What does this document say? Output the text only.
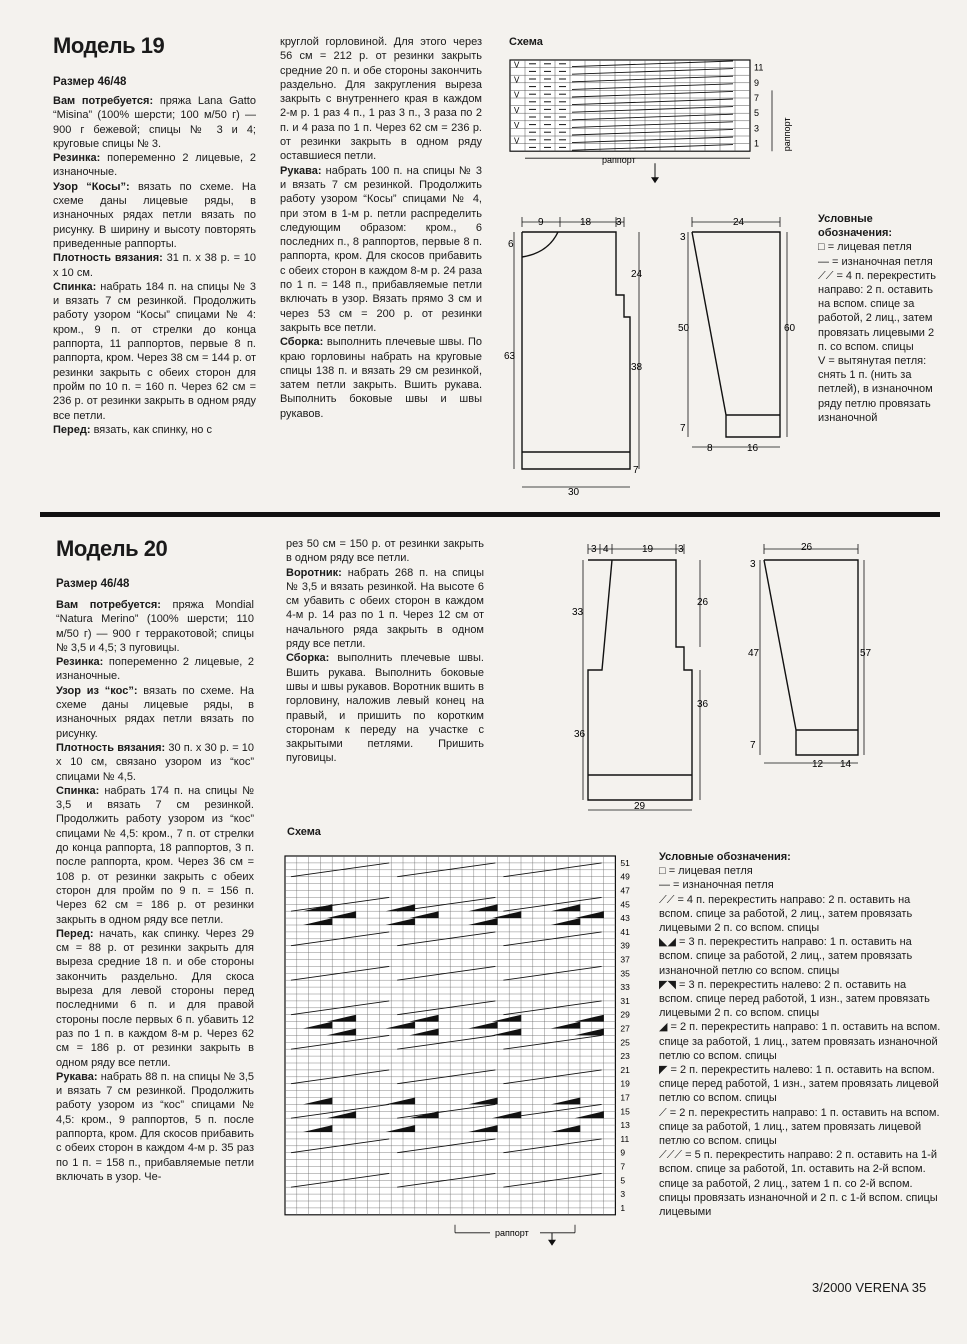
Модель 19
Размер 46/48

Вам потребуется: пряжа Lana Gatto “Misina” (100% шерсти; 100 м/50 г) — 900 г бежевой; спицы № 3 и 4; круговые спицы № 3.

Резинка: попеременно 2 лицевые, 2 изнаночные.

Узор “Косы”: вязать по схеме. На схеме даны лицевые ряды, в изнаночных рядах петли вязать по рисунку. В ширину и высоту повторять приведенные раппорты.

Плотность вязания: 31 п. х 38 р. = 10 х 10 см.

Спинка: набрать 184 п. на спицы № 3 и вязать 7 см резинкой. Продолжить работу узором “Косы” спицами № 4: кром., 9 п. от стрелки до конца раппорта, 11 раппортов, первые 8 п. раппорта, кром. Через 38 см = 144 р. от резинки закрыть с обеих сторон для пройм по 10 п. = 160 п. Через 62 см = 236 р. от резинки закрыть в одном ряду все петли.

Перед: вязать, как спинку, но с

круглой горловиной. Для этого через 56 см = 212 р. от резинки закрыть средние 20 п. и обе стороны закончить раздельно. Для закругления выреза закрыть с внутреннего края в каждом 2-м р. 1 раз 4 п., 1 раз 3 п., 3 раза по 2 п. и 4 раза по 1 п. Через 62 см = 236 р. от резинки закрыть в одном ряду оставшиеся петли.

Рукава: набрать 100 п. на спицы № 3 и вязать 7 см резинкой. Продолжить работу узором “Косы” спицами № 4, при этом в 1-м р. петли распределить следующим образом: кром., 6 последних п., 8 раппортов, первые 8 п. раппорта, кром. Для скосов прибавить с обеих сторон в каждом 8-м р. 24 раза по 1 п. = 148 п., прибавляемые петли включать в узор. Вязать прямо 3 см и через 53 см = 200 р. от резинки закрыть все петли.

Сборка: выполнить плечевые швы. По краю горловины набрать на круговые спицы 138 п. и вязать 29 см резинкой, затем петли закрыть. Вшить рукава. Выполнить боковые швы и швы рукавов.

Схема
V
V
V
V
V
V
11
9
7
5
3
1	раппорт
раппорт
9	18 3
6
24
63
38
7
30
24
3
50	60
7
8	16

Условные обозначения:

□ = лицевая петля

— = изнаночная петля

⟋⟋ = 4 п. перекрестить направо: 2 п. оставить на вспом. спице за работой, 2 лиц., затем провязать лицевыми 2 п. со вспом. спицы

V = вытянутая петля: снять 1 п. (нить за петлей), в изнаночном ряду петлю провязать изнаночной

Модель 20
Размер 46/48

Вам потребуется: пряжа Mondial “Natura Merino” (100% шерсти; 110 м/50 г) — 900 г терракотовой; спицы № 3,5 и 4,5; 3 пуговицы.

Резинка: попеременно 2 лицевые, 2 изнаночные.

Узор из “кос”: вязать по схеме. На схеме даны лицевые ряды, в изнаночных рядах петли вязать по рисунку.

Плотность вязания: 30 п. х 30 р. = 10 х 10 см, связано узором из “кос” спицами № 4,5.

Спинка: набрать 174 п. на спицы № 3,5 и вязать 7 см резинкой. Продолжить работу узором из “кос” спицами № 4,5: кром., 7 п. от стрелки до конца раппорта, 18 раппортов, 3 п. после раппорта, кром. Через 36 см = 108 р. от резинки закрыть с обеих сторон для пройм по 9 п. = 156 п. Через 62 см = 186 р. от резинки закрыть в одном ряду все петли.

Перед: начать, как спинку. Через 29 см = 88 р. от резинки закрыть для выреза средние 18 п. и обе стороны закончить раздельно. Для скоса выреза для левой стороны перед последними 6 п. и для правой стороны после первых 6 п. убавить 12 раз по 1 п. в каждом 8-м р. Через 62 см = 186 р. от резинки закрыть в одном ряду все петли.

Рукава: набрать 88 п. на спицы № 3,5 и вязать 7 см резинкой. Продолжить работу узором из “кос” спицами № 4,5: кром., 9 раппортов, 5 п. после раппорта, кром. Для скосов прибавить с обеих сторон в каждом 4-м р. 35 раз по 1 п. = 158 п., прибавляемые петли включать в узор. Че-

рез 50 см = 150 р. от резинки закрыть в одном ряду все петли.

Воротник: набрать 268 п. на спицы № 3,5 и вязать резинкой. На высоте 6 см убавить с обеих сторон в каждом 4-м р. 14 раз по 1 п. Через 12 см от начального ряда закрыть в одном ряду все петли.

Сборка: выполнить плечевые швы. Вшить рукава. Выполнить боковые швы и швы рукавов. Воротник вшить в горловину, наложив левый конец на правый, и пришить по коротким сторонам к переду на участке с закрытыми петлями. Пришить пуговицы.

3 4	19 3
33
26
36
36
29
26
3
47	57
7
12 14
Схема
51
49
47
45
43
41
39
37
35
33
31
29
27
25
23
21
19
17
15
13
11
9
7
5
3
1
раппорт

Условные обозначения:

□ = лицевая петля

— = изнаночная петля

⟋⟋ = 4 п. перекрестить направо: 2 п. оставить на вспом. спице за работой, 2 лиц., затем провязать лицевыми 2 п. со вспом. спицы

◣◢ = 3 п. перекрестить направо: 1 п. оставить на вспом. спице за работой, 2 лиц., затем провязать изнаночной петлю со вспом. спицы

◤◥ = 3 п. перекрестить налево: 2 п. оставить на вспом. спице перед работой, 1 изн., затем провязать лицевыми 2 п. со вспом. спицы

◢ = 2 п. перекрестить направо: 1 п. оставить на вспом. спице за работой, 1 лиц., затем провязать изнаночной петлю со вспом. спицы

◤ = 2 п. перекрестить налево: 1 п. оставить на вспом. спице перед работой, 1 изн., затем провязать лицевой петлю со вспом. спицы

⟋ = 2 п. перекрестить направо: 1 п. оставить на вспом. спице за работой, 1 лиц., затем провязать лицевой петлю со вспом. спицы

⟋⟋⟋ = 5 п. перекрестить направо: 2 п. оставить на 1-й вспом. спице за работой, 1п. оставить на 2-й вспом. спице за работой, 2 лиц., затем 1 п. со 2-й вспом. спицы провязать изнаночной и 2 п. с 1-й вспом. спицы лицевыми

3/2000 VERENA 35
